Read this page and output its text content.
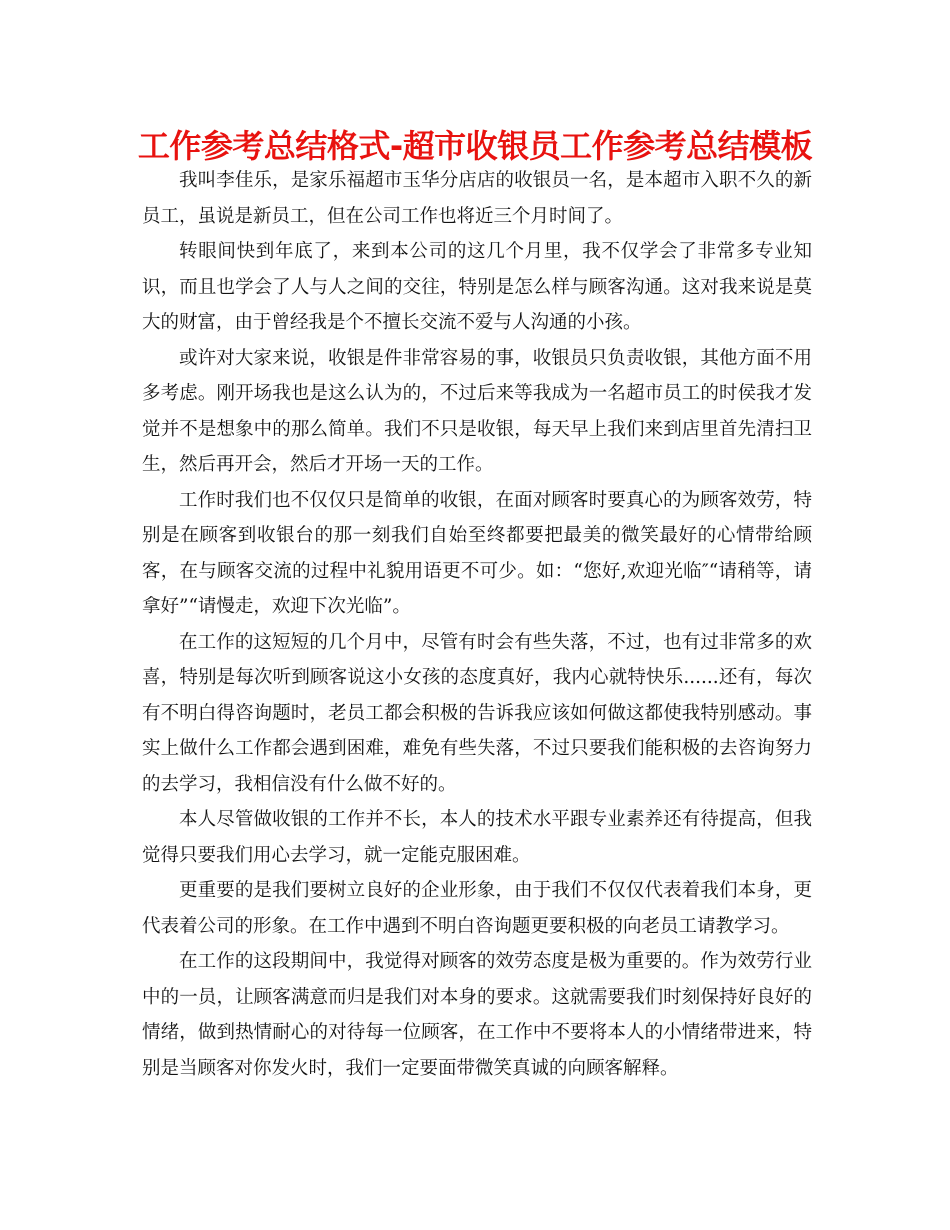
工作参考总结格式-超市收银员工作参考总结模板

我叫李佳乐，是家乐福超市玉华分店店的收银员一名，是本超市入职不久的新员工，虽说是新员工，但在公司工作也将近三个月时间了。

转眼间快到年底了，来到本公司的这几个月里，我不仅学会了非常多专业知识，而且也学会了人与人之间的交往，特别是怎么样与顾客沟通。这对我来说是莫大的财富，由于曾经我是个不擅长交流不爱与人沟通的小孩。

或许对大家来说，收银是件非常容易的事，收银员只负责收银，其他方面不用多考虑。刚开场我也是这么认为的，不过后来等我成为一名超市员工的时侯我才发觉并不是想象中的那么简单。我们不只是收银，每天早上我们来到店里首先清扫卫生，然后再开会，然后才开场一天的工作。

工作时我们也不仅仅只是简单的收银，在面对顾客时要真心的为顾客效劳，特别是在顾客到收银台的那一刻我们自始至终都要把最美的微笑最好的心情带给顾客，在与顾客交流的过程中礼貌用语更不可少。如：“您好,欢迎光临″“请稍等，请拿好”“请慢走，欢迎下次光临”。

在工作的这短短的几个月中，尽管有时会有些失落，不过，也有过非常多的欢喜，特别是每次听到顾客说这小女孩的态度真好，我内心就特快乐......还有，每次有不明白得咨询题时，老员工都会积极的告诉我应该如何做这都使我特别感动。事实上做什么工作都会遇到困难，难免有些失落，不过只要我们能积极的去咨询努力的去学习，我相信没有什么做不好的。

本人尽管做收银的工作并不长，本人的技术水平跟专业素养还有待提高，但我觉得只要我们用心去学习，就一定能克服困难。

更重要的是我们要树立良好的企业形象，由于我们不仅仅代表着我们本身，更代表着公司的形象。在工作中遇到不明白咨询题更要积极的向老员工请教学习。

在工作的这段期间中，我觉得对顾客的效劳态度是极为重要的。作为效劳行业中的一员，让顾客满意而归是我们对本身的要求。这就需要我们时刻保持好良好的情绪，做到热情耐心的对待每一位顾客，在工作中不要将本人的小情绪带进来，特别是当顾客对你发火时，我们一定要面带微笑真诚的向顾客解释。
